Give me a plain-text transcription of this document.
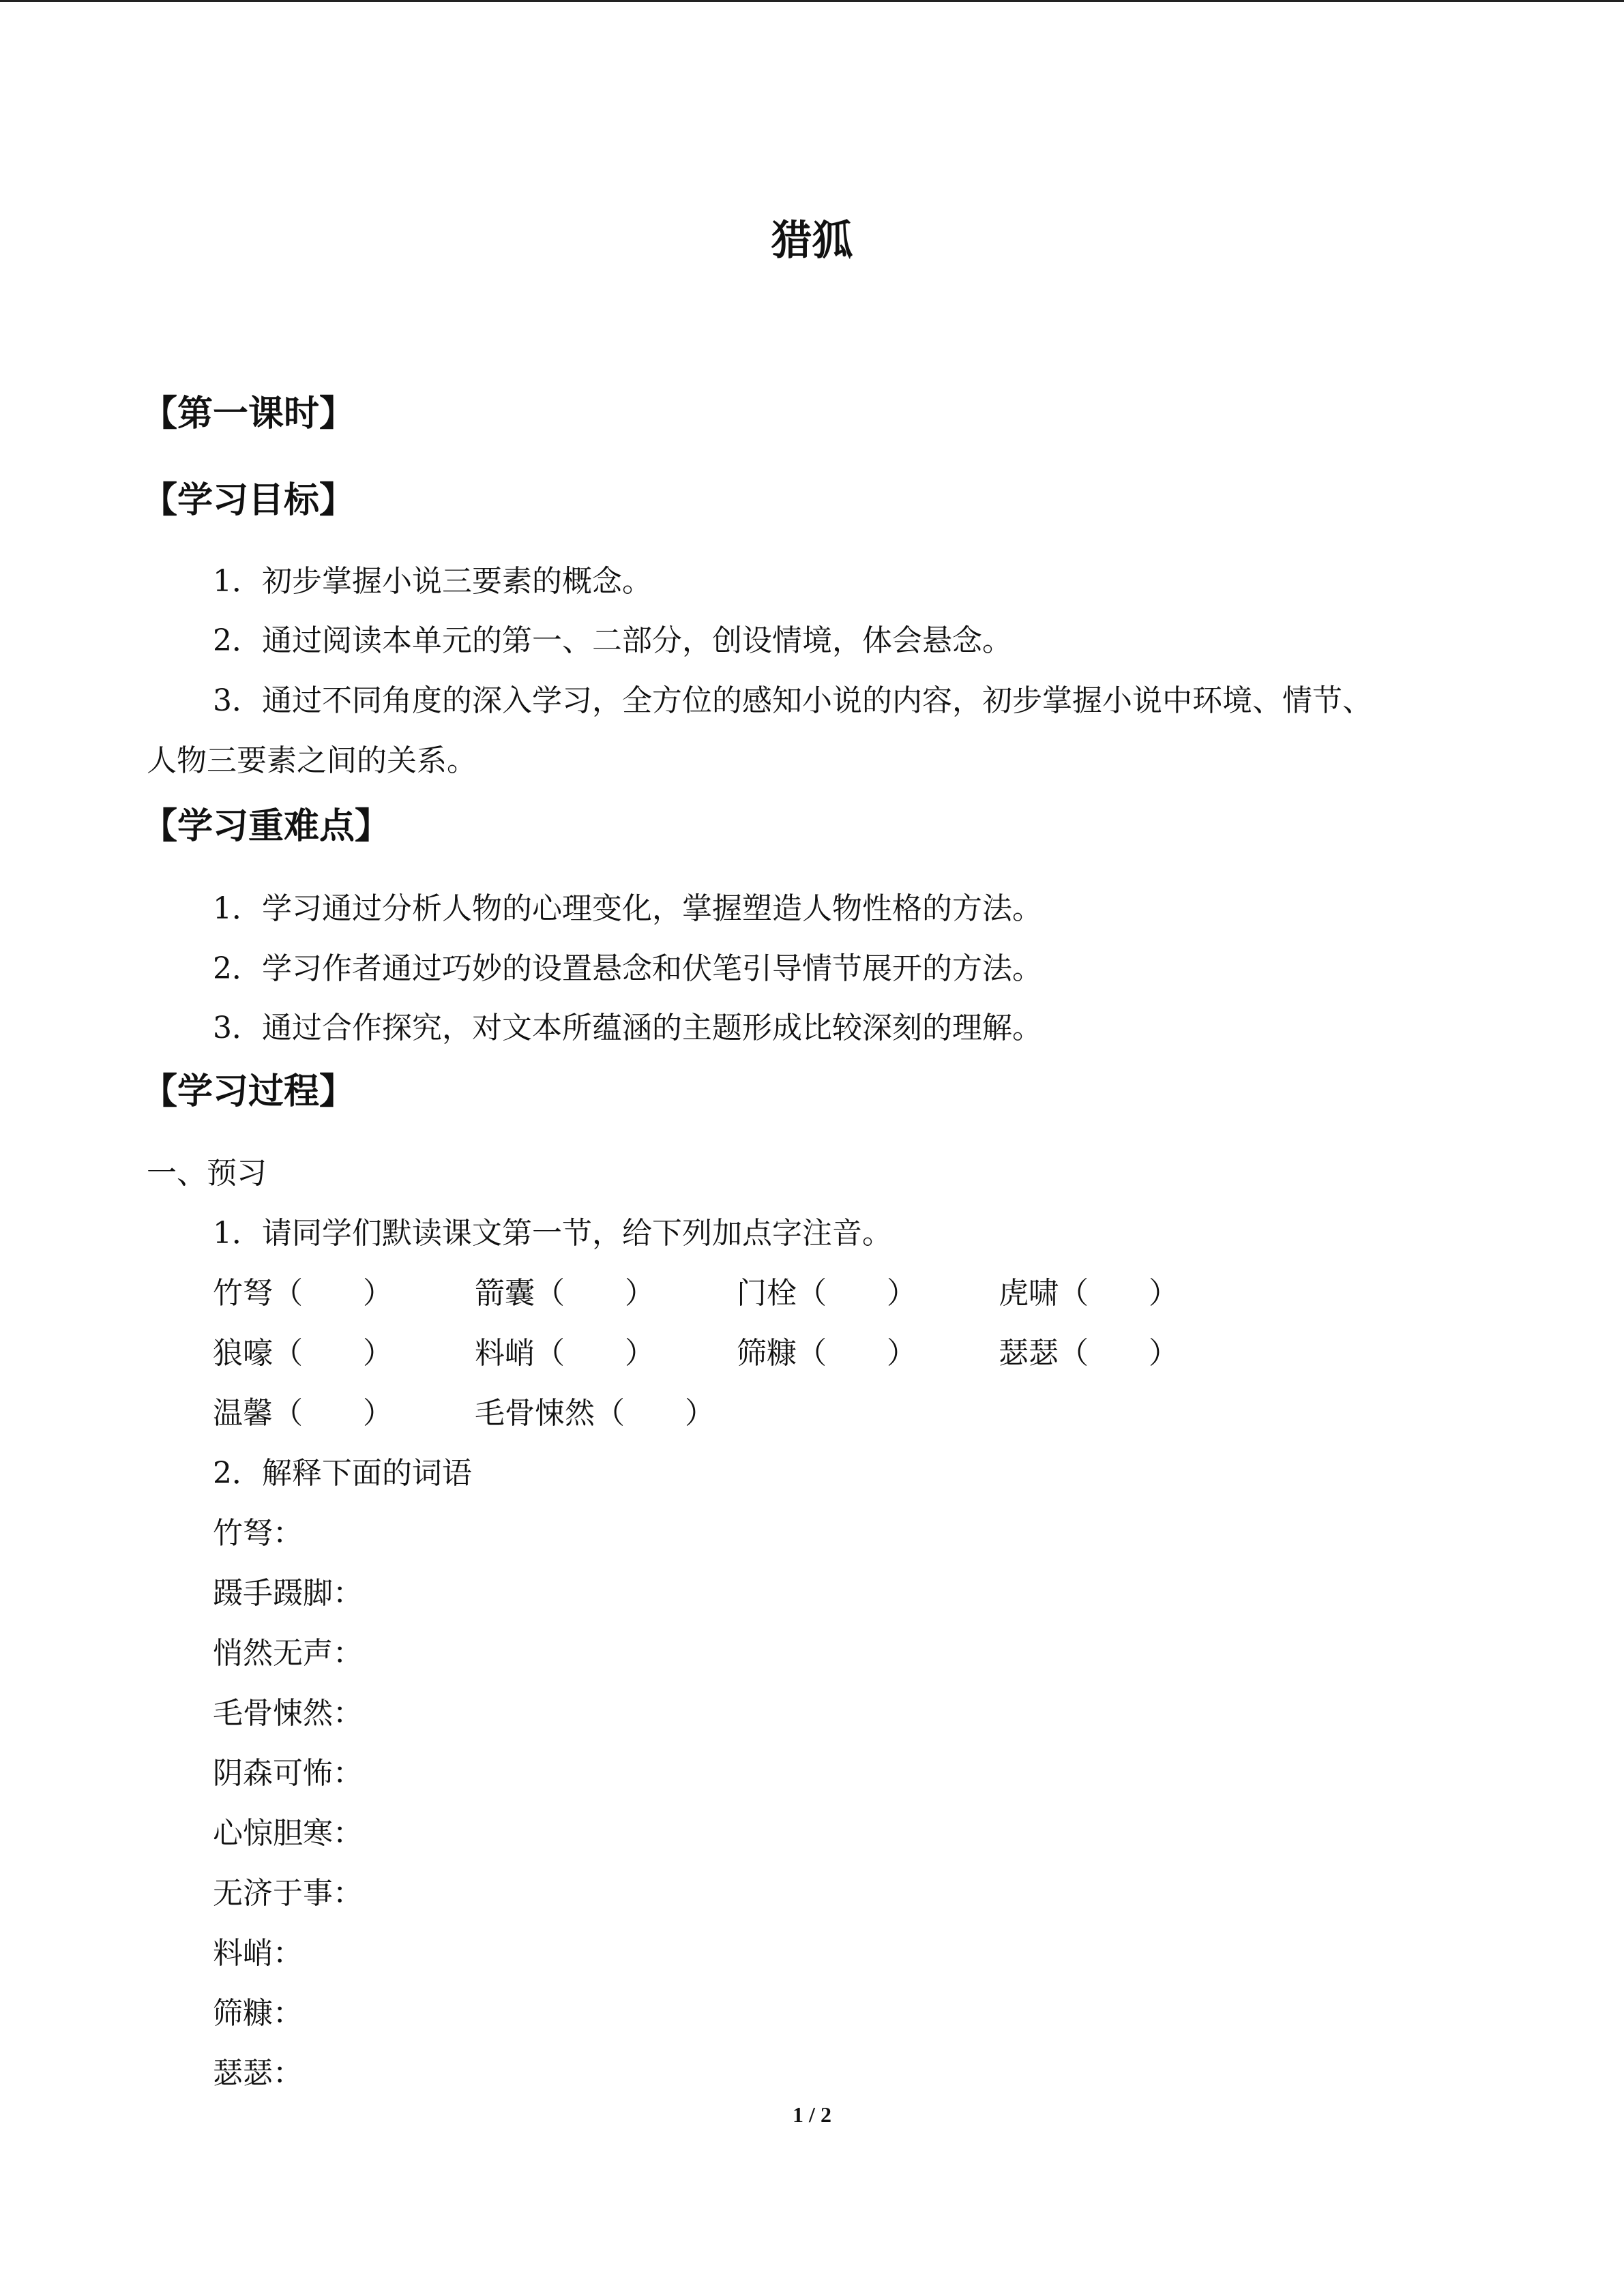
猎狐
【第一课时】
【学习目标】
1．初步掌握小说三要素的概念。
2．通过阅读本单元的第一、二部分，创设情境，体会悬念。
3．通过不同角度的深入学习，全方位的感知小说的内容，初步掌握小说中环境、情节、
人物三要素之间的关系。
【学习重难点】
1．学习通过分析人物的心理变化，掌握塑造人物性格的方法。
2．学习作者通过巧妙的设置悬念和伏笔引导情节展开的方法。
3．通过合作探究，对文本所蕴涵的主题形成比较深刻的理解。
【学习过程】
一、预习
1．请同学们默读课文第一节，给下列加点字注音。
竹弩（　　）	箭囊（　　）	门栓（　　）	虎啸（　　）
狼嚎（　　）	料峭（　　）	筛糠（　　）	瑟瑟（　　）
温馨（　　）	毛骨悚然（　　）
2．解释下面的词语
竹弩：
蹑手蹑脚：
悄然无声：
毛骨悚然：
阴森可怖：
心惊胆寒：
无济于事：
料峭：
筛糠：
瑟瑟：
1 / 2
